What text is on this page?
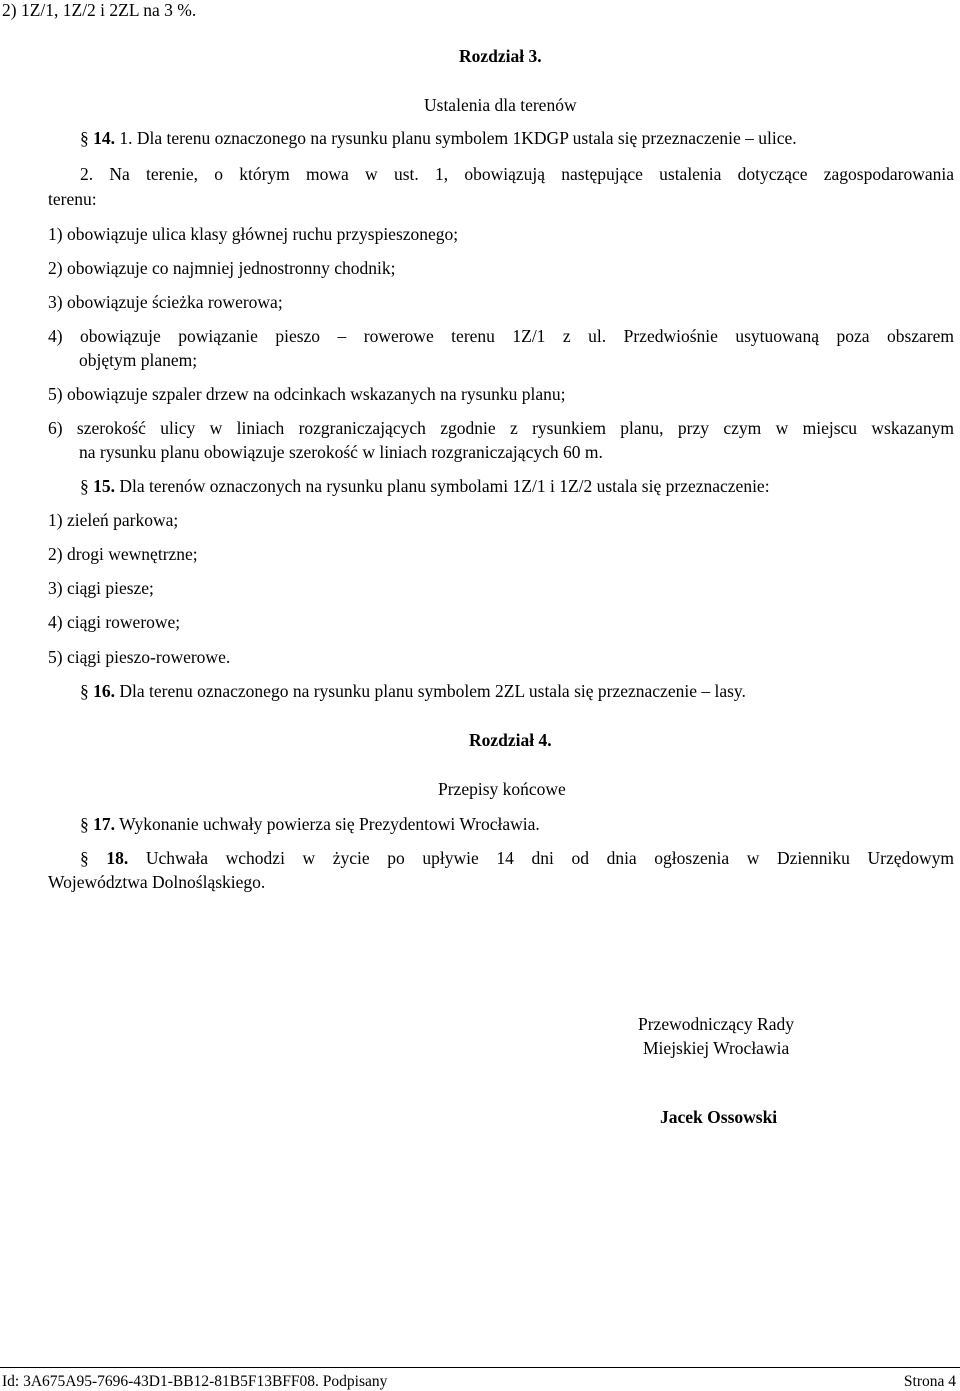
2) 1Z/1, 1Z/2 i 2ZL na 3 %.
Rozdział 3.
Ustalenia dla terenów
§ 14. 1. Dla terenu oznaczonego na rysunku planu symbolem 1KDGP ustala się przeznaczenie – ulice.
2. Na terenie, o którym mowa w ust. 1, obowiązują następujące ustalenia dotyczące zagospodarowania
terenu:
1) obowiązuje ulica klasy głównej ruchu przyspieszonego;
2) obowiązuje co najmniej jednostronny chodnik;
3) obowiązuje ścieżka rowerowa;
4) obowiązuje powiązanie pieszo – rowerowe terenu 1Z/1 z ul. Przedwiośnie usytuowaną poza obszarem
objętym planem;
5) obowiązuje szpaler drzew na odcinkach wskazanych na rysunku planu;
6) szerokość ulicy w liniach rozgraniczających zgodnie z rysunkiem planu, przy czym w miejscu wskazanym
na rysunku planu obowiązuje szerokość w liniach rozgraniczających 60 m.
§ 15. Dla terenów oznaczonych na rysunku planu symbolami 1Z/1 i 1Z/2 ustala się przeznaczenie:
1) zieleń parkowa;
2) drogi wewnętrzne;
3) ciągi piesze;
4) ciągi rowerowe;
5) ciągi pieszo-rowerowe.
§ 16. Dla terenu oznaczonego na rysunku planu symbolem 2ZL ustala się przeznaczenie – lasy.
Rozdział 4.
Przepisy końcowe
§ 17. Wykonanie uchwały powierza się Prezydentowi Wrocławia.
§ 18. Uchwała wchodzi w życie po upływie 14 dni od dnia ogłoszenia w Dzienniku Urzędowym
Województwa Dolnośląskiego.
Przewodniczący Rady
Miejskiej Wrocławia
Jacek Ossowski
Id: 3A675A95-7696-43D1-BB12-81B5F13BFF08. Podpisany	Strona 4
